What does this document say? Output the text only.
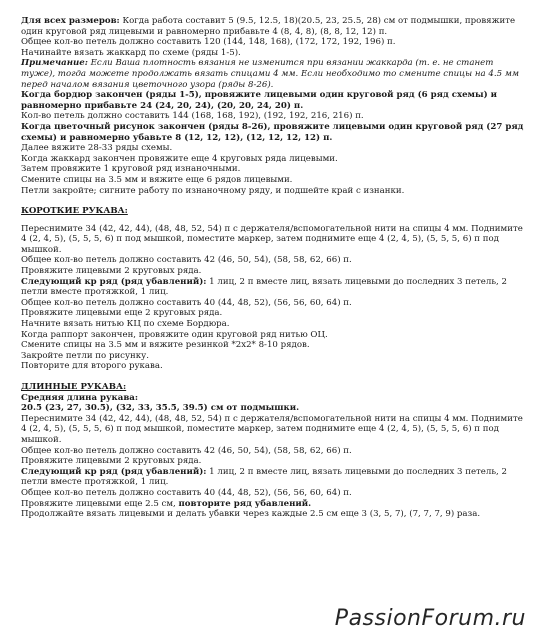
Для всех размеров: Когда работа составит 5 (9.5, 12.5, 18)(20.5, 23, 25.5, 28) см от подмышки, провяжите один круговой ряд лицевыми и равномерно прибавьте 4 (8, 4, 8), (8, 8, 12, 12) п.

Общее кол-во петель должно составить 120 (144, 148, 168), (172, 172, 192, 196) п.

Начинайте вязать жаккард по схеме (ряды 1-5).

Примечание: Если Ваша плотность вязания не изменится при вязании жаккарда (т. е. не станет туже), тогда можете продолжать вязать спицами 4 мм. Если необходимо то смените спицы на 4.5 мм перед началом вязания цветочного узора (ряды 8-26).

Когда бордюр закончен (ряды 1-5), провяжите лицевыми один круговой ряд (6 ряд схемы) и равномерно прибавьте 24 (24, 20, 24), (20, 20, 24, 20) п.

Кол-во петель должно составить 144 (168, 168, 192), (192, 192, 216, 216) п.

Когда цветочный рисунок закончен (ряды 8-26), провяжите лицевыми один круговой ряд (27 ряд схемы) и равномерно убавьте 8 (12, 12, 12), (12, 12, 12, 12) п.

Далее вяжите 28-33 ряды схемы.

Когда жаккард закончен провяжите еще 4 круговых ряда лицевыми.

Затем провяжите 1 круговой ряд изнаночными.

Смените спицы на 3.5 мм и вяжите еще 6 рядов лицевыми.

Петли закройте; сигните работу по изнаночному ряду, и подшейте край с изнанки.

КОРОТКИЕ РУКАВА:

Переснимите 34 (42, 42, 44), (48, 48, 52, 54) п с держателя/вспомогательной нити на спицы 4 мм. Поднимите 4 (2, 4, 5), (5, 5, 5, 6) п под мышкой, поместите маркер, затем поднимите еще 4 (2, 4, 5), (5, 5, 5, 6) п под мышкой.

Общее кол-во петель должно составить 42 (46, 50, 54), (58, 58, 62, 66) п.

Провяжите лицевыми 2 круговых ряда.

Следующий кр ряд (ряд убавлений): 1 лиц, 2 п вместе лиц, вязать лицевыми до последних 3 петель, 2 петли вместе протяжкой, 1 лиц.

Общее кол-во петель должно составить 40 (44, 48, 52), (56, 56, 60, 64) п.

Провяжите лицевыми еще 2 круговых ряда.

Начните вязать нитью КЦ по схеме Бордюра.

Когда раппорт закончен, провяжите один круговой ряд нитью ОЦ.

Смените спицы на 3.5 мм и вяжите резинкой *2х2* 8-10 рядов.

Закройте петли по рисунку.

Повторите для второго рукава.

ДЛИННЫЕ РУКАВА:

Средняя длина рукава:

20.5 (23, 27, 30.5), (32, 33, 35.5, 39.5) см от подмышки.

Переснимите 34 (42, 42, 44), (48, 48, 52, 54) п с держателя/вспомогательной нити на спицы 4 мм. Поднимите 4 (2, 4, 5), (5, 5, 5, 6) п под мышкой, поместите маркер, затем поднимите еще 4 (2, 4, 5), (5, 5, 5, 6) п под мышкой.

Общее кол-во петель должно составить 42 (46, 50, 54), (58, 58, 62, 66) п.

Провяжите лицевыми 2 круговых ряда.

Следующий кр ряд (ряд убавлений): 1 лиц, 2 п вместе лиц, вязать лицевыми до последних 3 петель, 2 петли вместе протяжкой, 1 лиц.

Общее кол-во петель должно составить 40 (44, 48, 52), (56, 56, 60, 64) п.

Провяжите лицевыми еще 2.5 см, повторите ряд убавлений.

Продолжайте вязать лицевыми и делать убавки через каждые 2.5 см еще 3 (3, 5, 7), (7, 7, 7, 9) раза.

PassionForum.ru
